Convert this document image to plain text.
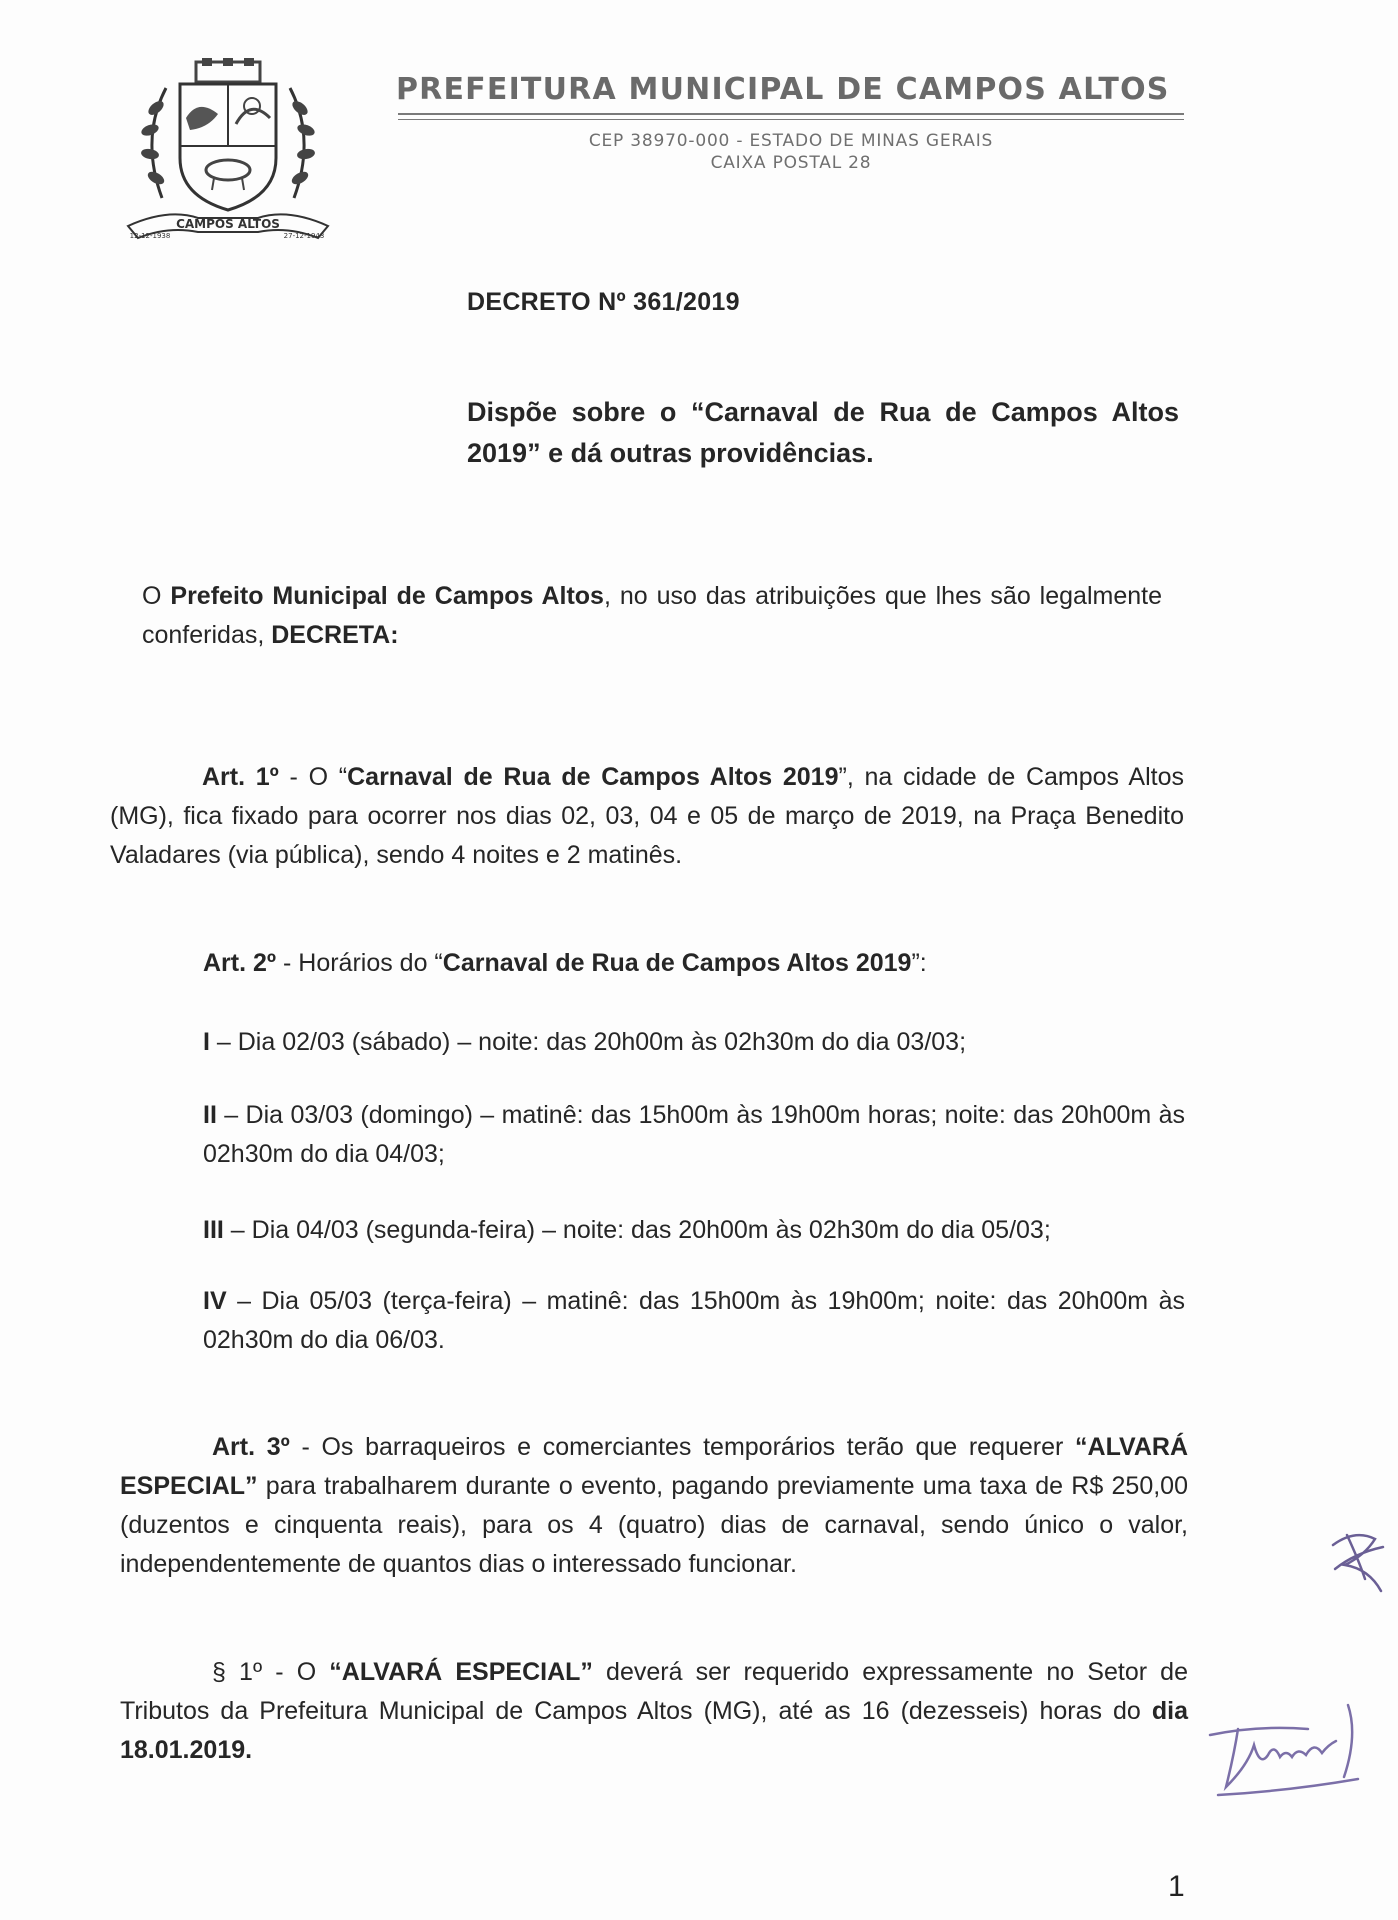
CAMPOS ALTOS
12-12-1938	27-12-1943
PREFEITURA MUNICIPAL DE CAMPOS ALTOS
CEP 38970-000 - ESTADO DE MINAS GERAIS
CAIXA POSTAL 28
DECRETO Nº 361/2019
Dispõe sobre o “Carnaval de Rua de Campos Altos 2019” e dá outras providências.
O Prefeito Municipal de Campos Altos, no uso das atribuições que lhes são legalmente conferidas, DECRETA:
Art. 1º - O “Carnaval de Rua de Campos Altos 2019”, na cidade de Campos Altos (MG), fica fixado para ocorrer nos dias 02, 03, 04 e 05 de março de 2019, na Praça Benedito Valadares (via pública), sendo 4 noites e 2 matinês.
Art. 2º - Horários do “Carnaval de Rua de Campos Altos 2019”:
I – Dia 02/03 (sábado) – noite: das 20h00m às 02h30m do dia 03/03;
II – Dia 03/03 (domingo) – matinê: das 15h00m às 19h00m horas; noite: das 20h00m às 02h30m do dia 04/03;
III – Dia 04/03 (segunda-feira) – noite: das 20h00m às 02h30m do dia 05/03;
IV – Dia 05/03 (terça-feira) – matinê: das 15h00m às 19h00m; noite: das 20h00m às 02h30m do dia 06/03.
Art. 3º - Os barraqueiros e comerciantes temporários terão que requerer “ALVARÁ ESPECIAL” para trabalharem durante o evento, pagando previamente uma taxa de R$ 250,00 (duzentos e cinquenta reais), para os 4 (quatro) dias de carnaval, sendo único o valor, independentemente de quantos dias o interessado funcionar.
§ 1º - O “ALVARÁ ESPECIAL” deverá ser requerido expressamente no Setor de Tributos da Prefeitura Municipal de Campos Altos (MG), até as 16 (dezesseis) horas do dia 18.01.2019.
1
